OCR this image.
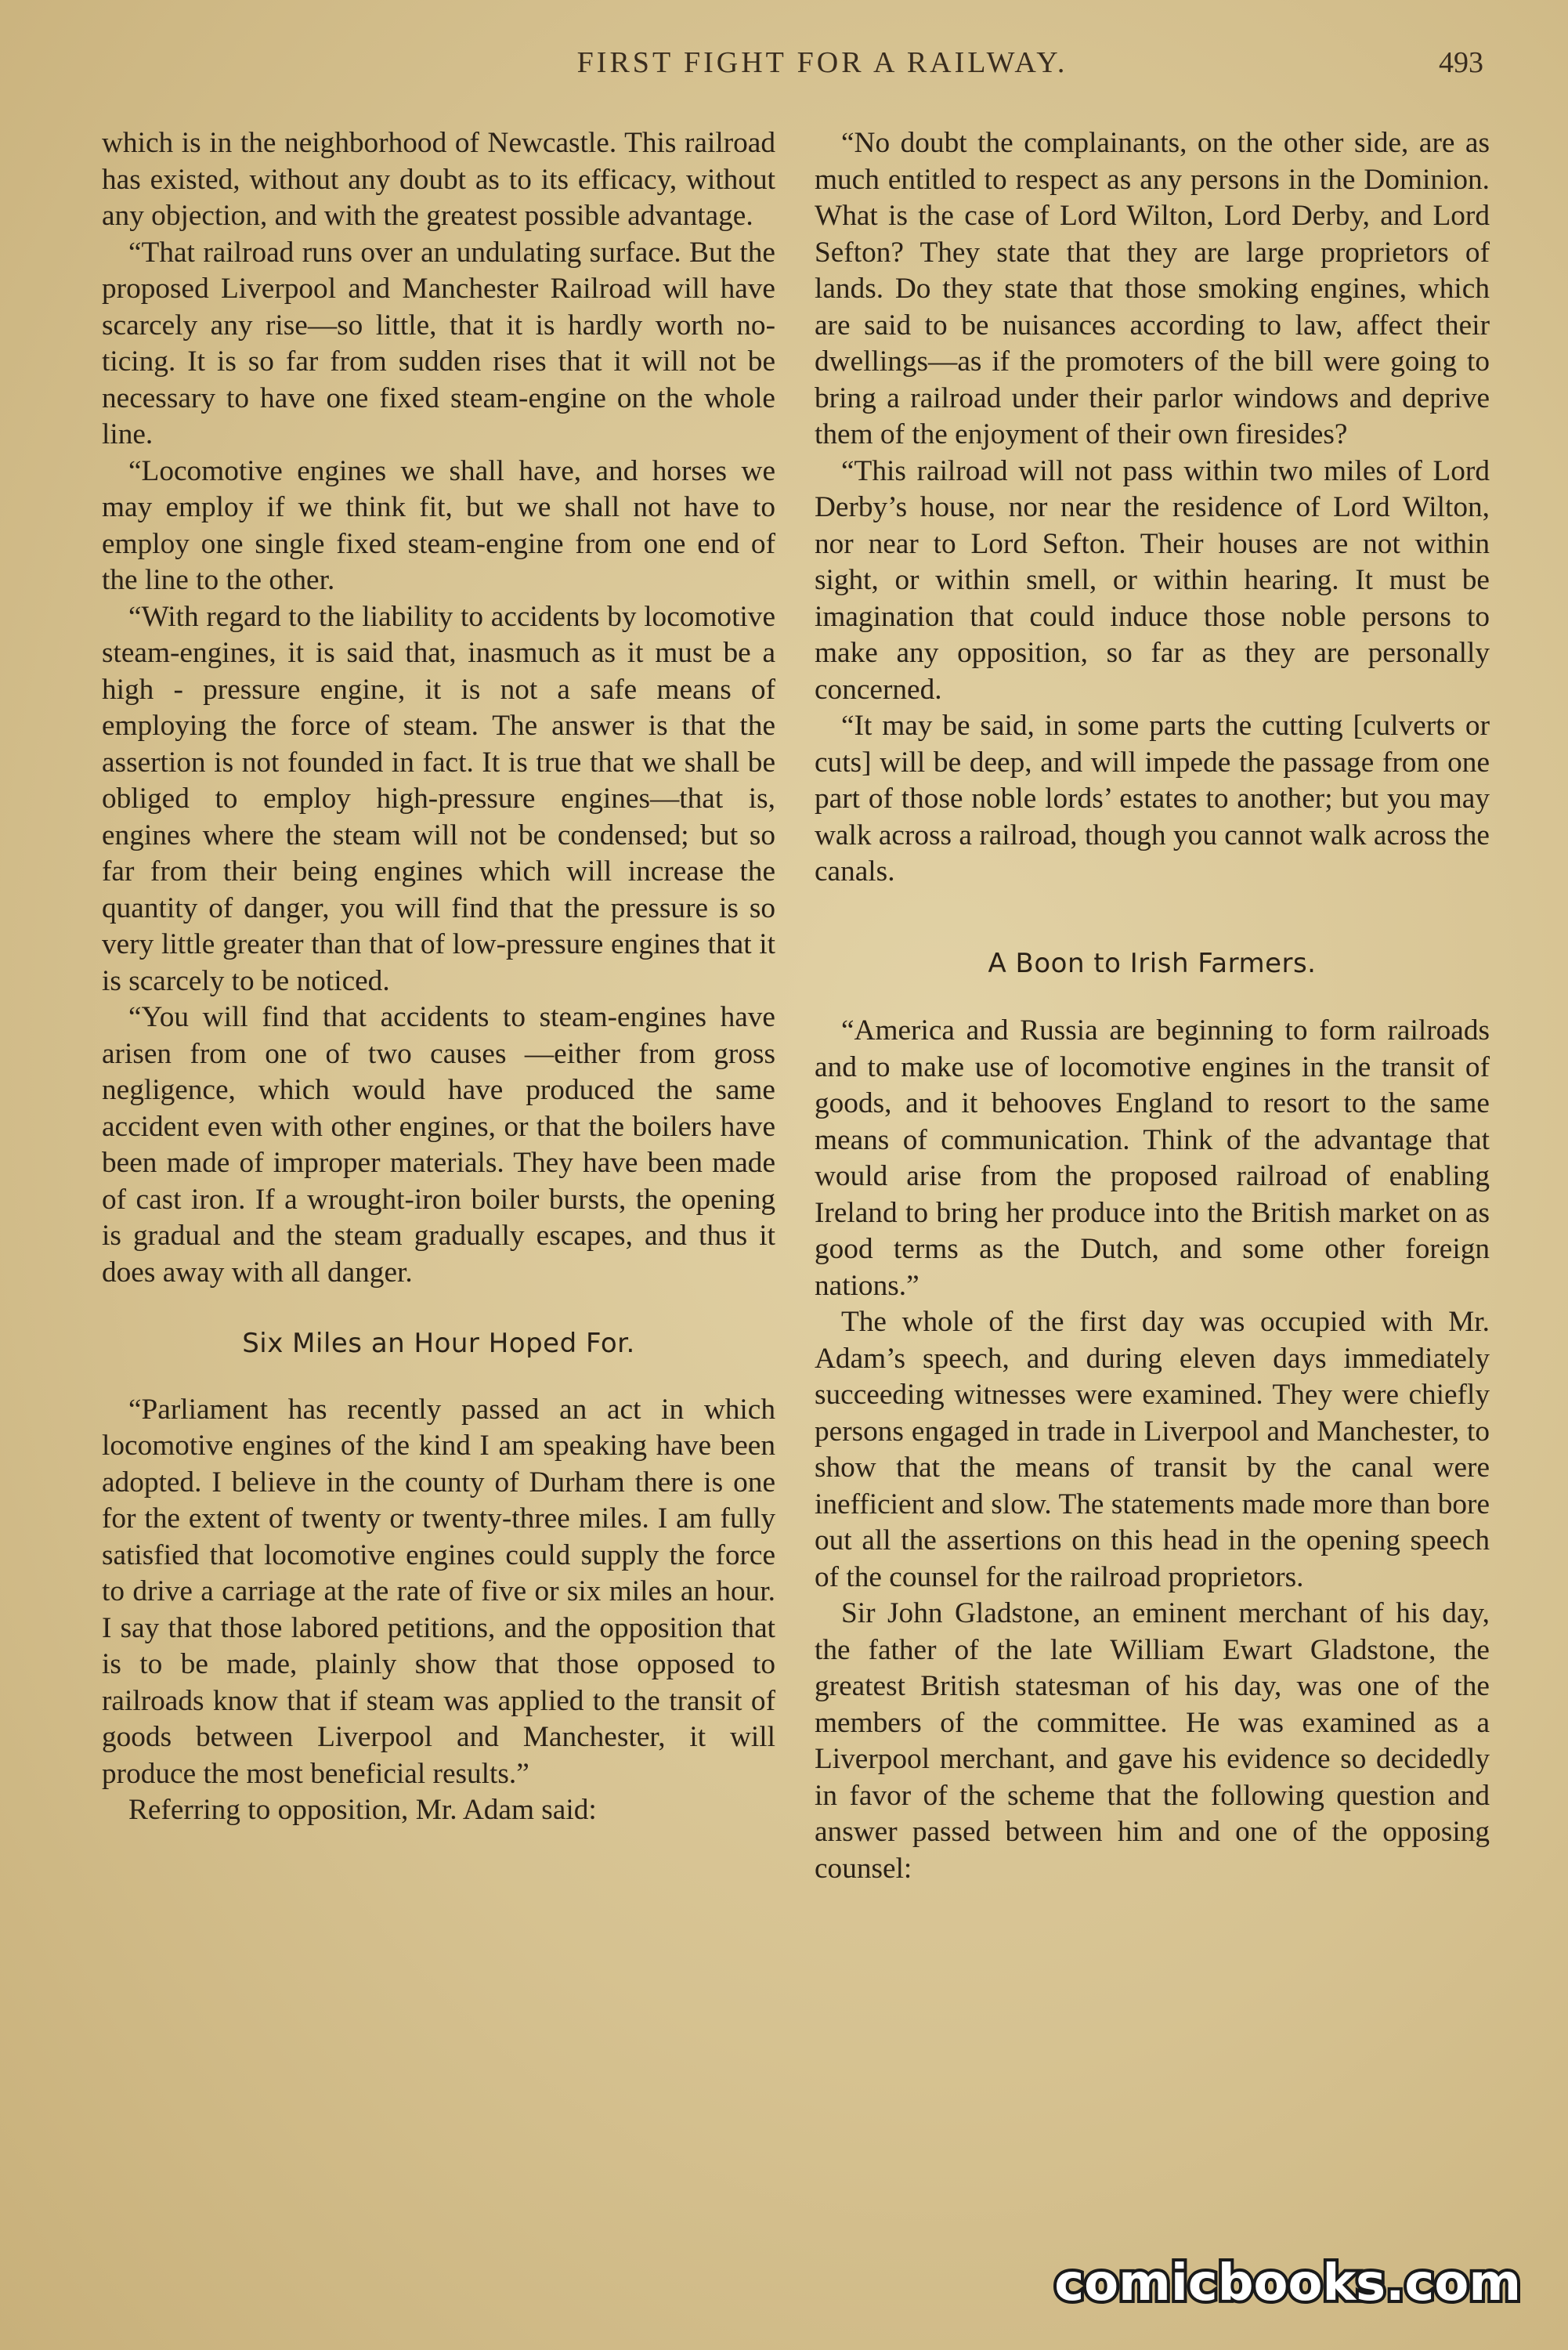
FIRST FIGHT FOR A RAILWAY.	493

which is in the neighborhood of Newcastle. This railroad has existed, without any doubt as to its efficacy, without any objection, and with the greatest possible advantage.

“That railroad runs over an undulating surface. But the proposed Liverpool and Manchester Railroad will have scarcely any rise—so little, that it is hardly worth noticing. It is so far from sudden rises that it will not be necessary to have one fixed steam-engine on the whole line.

“Locomotive engines we shall have, and horses we may employ if we think fit, but we shall not have to employ one single fixed steam-engine from one end of the line to the other.

“With regard to the liability to accidents by locomotive steam-engines, it is said that, inasmuch as it must be a high - pressure engine, it is not a safe means of employing the force of steam. The answer is that the assertion is not founded in fact. It is true that we shall be obliged to employ high-pressure engines—that is, engines where the steam will not be condensed; but so far from their being engines which will increase the quantity of danger, you will find that the pressure is so very little greater than that of low-pressure engines that it is scarcely to be noticed.

“You will find that accidents to steam-engines have arisen from one of two causes —either from gross negligence, which would have produced the same accident even with other engines, or that the boilers have been made of improper materials. They have been made of cast iron. If a wrought-iron boiler bursts, the opening is gradual and the steam gradually escapes, and thus it does away with all danger.

Six Miles an Hour Hoped For.

“Parliament has recently passed an act in which locomotive engines of the kind I am speaking have been adopted. I believe in the county of Durham there is one for the extent of twenty or twenty-three miles. I am fully satisfied that locomotive engines could supply the force to drive a carriage at the rate of five or six miles an hour. I say that those labored petitions, and the opposition that is to be made, plainly show that those opposed to railroads know that if steam was applied to the transit of goods between Liverpool and Manchester, it will produce the most beneficial results.”

Referring to opposition, Mr. Adam said:

“No doubt the complainants, on the other side, are as much entitled to respect as any persons in the Dominion. What is the case of Lord Wilton, Lord Derby, and Lord Sefton? They state that they are large proprietors of lands. Do they state that those smoking engines, which are said to be nuisances according to law, affect their dwellings—as if the promoters of the bill were going to bring a railroad under their parlor windows and deprive them of the enjoyment of their own firesides?

“This railroad will not pass within two miles of Lord Derby’s house, nor near the residence of Lord Wilton, nor near to Lord Sefton. Their houses are not within sight, or within smell, or within hearing. It must be imagination that could induce those noble persons to make any opposition, so far as they are personally concerned.

“It may be said, in some parts the cutting [culverts or cuts] will be deep, and will impede the passage from one part of those noble lords’ estates to another; but you may walk across a railroad, though you cannot walk across the canals.

A Boon to Irish Farmers.

“America and Russia are beginning to form railroads and to make use of locomotive engines in the transit of goods, and it behooves England to resort to the same means of communication. Think of the advantage that would arise from the proposed railroad of enabling Ireland to bring her produce into the British market on as good terms as the Dutch, and some other foreign nations.”

The whole of the first day was occupied with Mr. Adam’s speech, and during eleven days immediately succeeding witnesses were examined. They were chiefly persons engaged in trade in Liverpool and Manchester, to show that the means of transit by the canal were inefficient and slow. The statements made more than bore out all the assertions on this head in the opening speech of the counsel for the railroad proprietors.

Sir John Gladstone, an eminent merchant of his day, the father of the late William Ewart Gladstone, the greatest British statesman of his day, was one of the members of the committee. He was examined as a Liverpool merchant, and gave his evidence so decidedly in favor of the scheme that the following question and answer passed between him and one of the opposing counsel:

comicbooks.com
